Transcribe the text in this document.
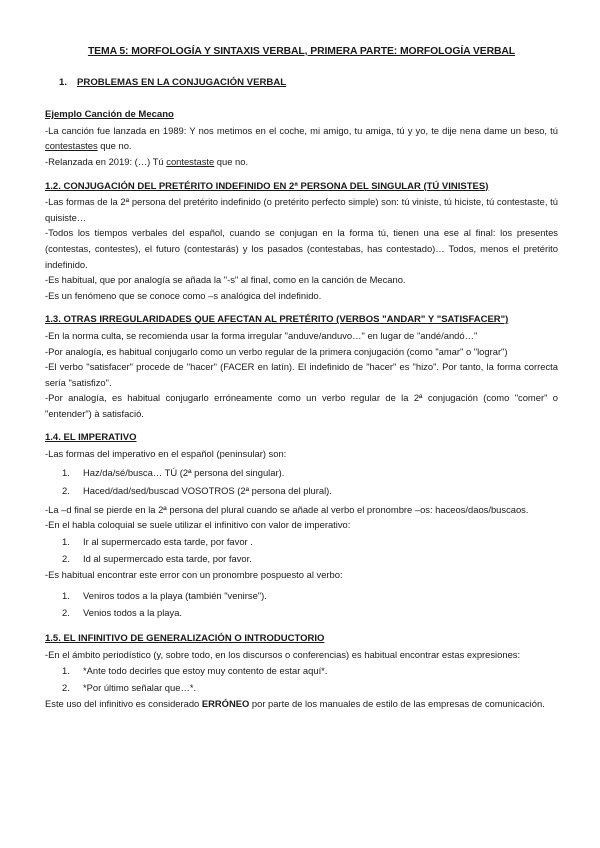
TEMA 5: MORFOLOGÍA Y SINTAXIS VERBAL, PRIMERA PARTE: MORFOLOGÍA VERBAL
1. PROBLEMAS EN LA CONJUGACIÓN VERBAL

Ejemplo Canción de Mecano

-La canción fue lanzada en 1989: Y nos metimos en el coche, mi amigo, tu amiga, tú y yo, te dije nena dame un beso, tú contestastes que no.

-Relanzada en 2019: (…) Tú contestaste que no.

1.2. CONJUGACIÓN DEL PRETÉRITO INDEFINIDO EN 2ª PERSONA DEL SINGULAR (TÚ VINISTES)

-Las formas de la 2ª persona del pretérito indefinido (o pretérito perfecto simple) son: tú viniste, tú hiciste, tú contestaste, tú quisiste…

-Todos los tiempos verbales del español, cuando se conjugan en la forma tú, tienen una ese al final: los presentes (contestas, contestes), el futuro (contestarás) y los pasados (contestabas, has contestado)… Todos, menos el pretérito indefinido.

-Es habitual, que por analogía se añada la "-s" al final, como en la canción de Mecano.

-Es un fenómeno que se conoce como –s analógica del indefinido.

1.3. OTRAS IRREGULARIDADES QUE AFECTAN AL PRETÉRITO (VERBOS "ANDAR" Y "SATISFACER")

-En la norma culta, se recomienda usar la forma irregular "anduve/anduvo…" en lugar de "andé/andó…"

-Por analogía, es habitual conjugarlo como un verbo regular de la primera conjugación (como "amar" o "lograr")

-El verbo "satisfacer" procede de "hacer" (FACER en latín). El indefinido de "hacer" es "hizo". Por tanto, la forma correcta sería "satisfizo".

-Por analogía, es habitual conjugarlo erróneamente como un verbo regular de la 2ª conjugación (como "comer" o "entender") à satisfació.

1.4. EL IMPERATIVO

-Las formas del imperativo en el español (peninsular) son:

1. Haz/da/sé/busca… TÚ (2ª persona del singular).
2. Haced/dad/sed/buscad VOSOTROS (2ª persona del plural).

-La –d final se pierde en la 2ª persona del plural cuando se añade al verbo el pronombre –os: haceos/daos/buscaos.

-En el habla coloquial se suele utilizar el infinitivo con valor de imperativo:

1. Ir al supermercado esta tarde, por favor .
2. Id al supermercado esta tarde, por favor.

-Es habitual encontrar este error con un pronombre pospuesto al verbo:

1. Veniros todos a la playa (también "venirse").
2. Venios todos a la playa.

1.5. EL INFINITIVO DE GENERALIZACIÓN O INTRODUCTORIO

-En el ámbito periodístico (y, sobre todo, en los discursos o conferencias) es habitual encontrar estas expresiones:

1. *Ante todo decirles que estoy muy contento de estar aquí*.
2. *Por último señalar que…*.

Este uso del infinitivo es considerado ERRÓNEO por parte de los manuales de estilo de las empresas de comunicación.
